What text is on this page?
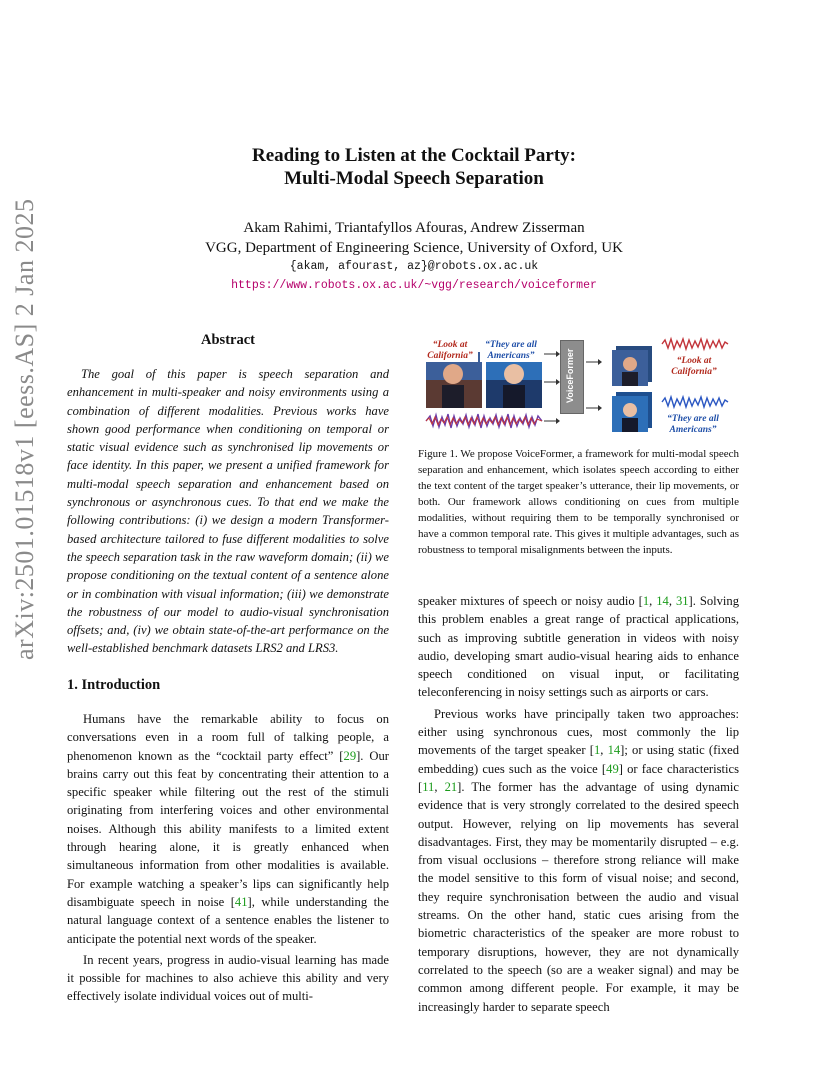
arXiv:2501.01518v1 [eess.AS] 2 Jan 2025
Reading to Listen at the Cocktail Party:
Multi-Modal Speech Separation
Akam Rahimi, Triantafyllos Afouras, Andrew Zisserman
VGG, Department of Engineering Science, University of Oxford, UK
{akam, afourast, az}@robots.ox.ac.uk
https://www.robots.ox.ac.uk/~vgg/research/voiceformer
Abstract

The goal of this paper is speech separation and enhancement in multi-speaker and noisy environments using a combination of different modalities. Previous works have shown good performance when conditioning on temporal or static visual evidence such as synchronised lip movements or face identity. In this paper, we present a unified framework for multi-modal speech separation and enhancement based on synchronous or asynchronous cues. To that end we make the following contributions: (i) we design a modern Transformer-based architecture tailored to fuse different modalities to solve the speech separation task in the raw waveform domain; (ii) we propose conditioning on the textual content of a sentence alone or in combination with visual information; (iii) we demonstrate the robustness of our model to audio-visual synchronisation offsets; and, (iv) we obtain state-of-the-art performance on the well-established benchmark datasets LRS2 and LRS3.

1. Introduction

Humans have the remarkable ability to focus on conversations even in a room full of talking people, a phenomenon known as the “cocktail party effect” [29]. Our brains carry out this feat by concentrating their attention to a specific speaker while filtering out the rest of the stimuli originating from interfering voices and other environmental noises. Although this ability manifests to a limited extent through hearing alone, it is greatly enhanced when simultaneous information from other modalities is available. For example watching a speaker’s lips can significantly help disambiguate speech in noise [41], while understanding the natural language context of a sentence enables the listener to anticipate the potential next words of the speaker.

In recent years, progress in audio-visual learning has made it possible for machines to also achieve this ability and very effectively isolate individual voices out of multi-

“Look at California”
“They are all Americans”	VoiceFormer	“Look at California”
“They are all Americans”
Figure 1. We propose VoiceFormer, a framework for multi-modal speech separation and enhancement, which isolates speech according to either the text content of the target speaker’s utterance, their lip movements, or both. Our framework allows conditioning on cues from multiple modalities, without requiring them to be temporally synchronised or have a common temporal rate. This gives it multiple advantages, such as robustness to temporal misalignments between the inputs.

speaker mixtures of speech or noisy audio [1, 14, 31]. Solving this problem enables a great range of practical applications, such as improving subtitle generation in videos with noisy audio, developing smart audio-visual hearing aids to enhance speech conditioned on visual input, or facilitating teleconferencing in noisy settings such as airports or cars.

Previous works have principally taken two approaches: either using synchronous cues, most commonly the lip movements of the target speaker [1, 14]; or using static (fixed embedding) cues such as the voice [49] or face characteristics [11, 21]. The former has the advantage of using dynamic evidence that is very strongly correlated to the desired speech output. However, relying on lip movements has several disadvantages. First, they may be momentarily disrupted – e.g. from visual occlusions – therefore strong reliance will make the model sensitive to this form of visual noise; and second, they require synchronisation between the audio and visual streams. On the other hand, static cues arising from the biometric characteristics of the speaker are more robust to temporary disruptions, however, they are not dynamically correlated to the speech (so are a weaker signal) and may be common among different people. For example, it may be increasingly harder to separate speech
